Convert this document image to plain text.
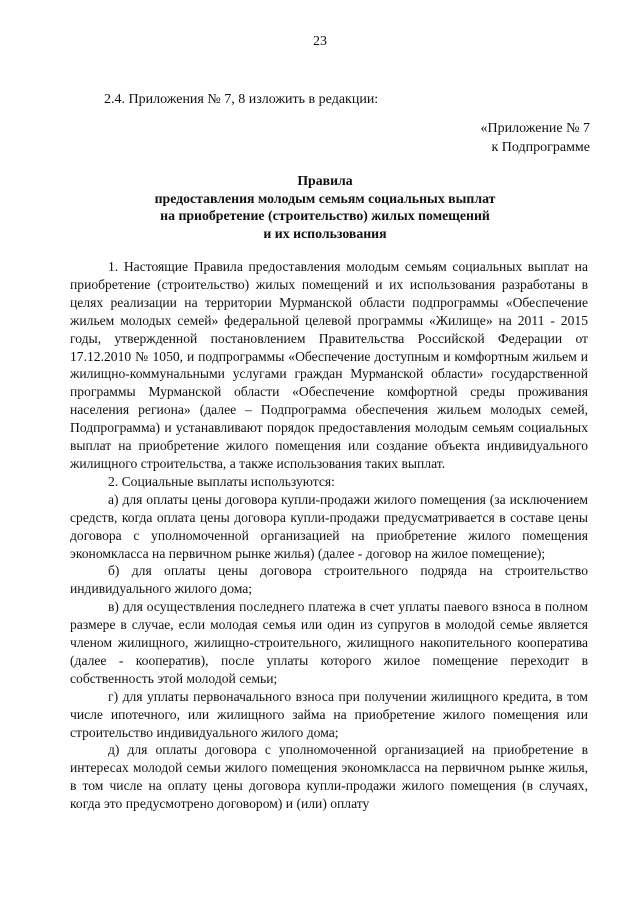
23
2.4. Приложения № 7, 8 изложить в редакции:
«Приложение № 7
к Подпрограмме
Правила
предоставления молодым семьям социальных выплат
на приобретение (строительство) жилых помещений
и их использования

1. Настоящие Правила предоставления молодым семьям социальных выплат на приобретение (строительство) жилых помещений и их использования разработаны в целях реализации на территории Мурманской области подпрограммы «Обеспечение жильем молодых семей» федеральной целевой программы «Жилище» на 2011 - 2015 годы, утвержденной постановлением Правительства Российской Федерации от 17.12.2010 № 1050, и подпрограммы «Обеспечение доступным и комфортным жильем и жилищно-коммунальными услугами граждан Мурманской области» государственной программы Мурманской области «Обеспечение комфортной среды проживания населения региона» (далее – Подпрограмма обеспечения жильем молодых семей, Подпрограмма) и устанавливают порядок предоставления молодым семьям социальных выплат на приобретение жилого помещения или создание объекта индивидуального жилищного строительства, а также использования таких выплат.

2. Социальные выплаты используются:

а) для оплаты цены договора купли-продажи жилого помещения (за исключением средств, когда оплата цены договора купли-продажи предусматривается в составе цены договора с уполномоченной организацией на приобретение жилого помещения экономкласса на первичном рынке жилья) (далее - договор на жилое помещение);

б) для оплаты цены договора строительного подряда на строительство индивидуального жилого дома;

в) для осуществления последнего платежа в счет уплаты паевого взноса в полном размере в случае, если молодая семья или один из супругов в молодой семье является членом жилищного, жилищно-строительного, жилищного накопительного кооператива (далее - кооператив), после уплаты которого жилое помещение переходит в собственность этой молодой семьи;

г) для уплаты первоначального взноса при получении жилищного кредита, в том числе ипотечного, или жилищного займа на приобретение жилого помещения или строительство индивидуального жилого дома;

д) для оплаты договора с уполномоченной организацией на приобретение в интересах молодой семьи жилого помещения экономкласса на первичном рынке жилья, в том числе на оплату цены договора купли-продажи жилого помещения (в случаях, когда это предусмотрено договором) и (или) оплату
